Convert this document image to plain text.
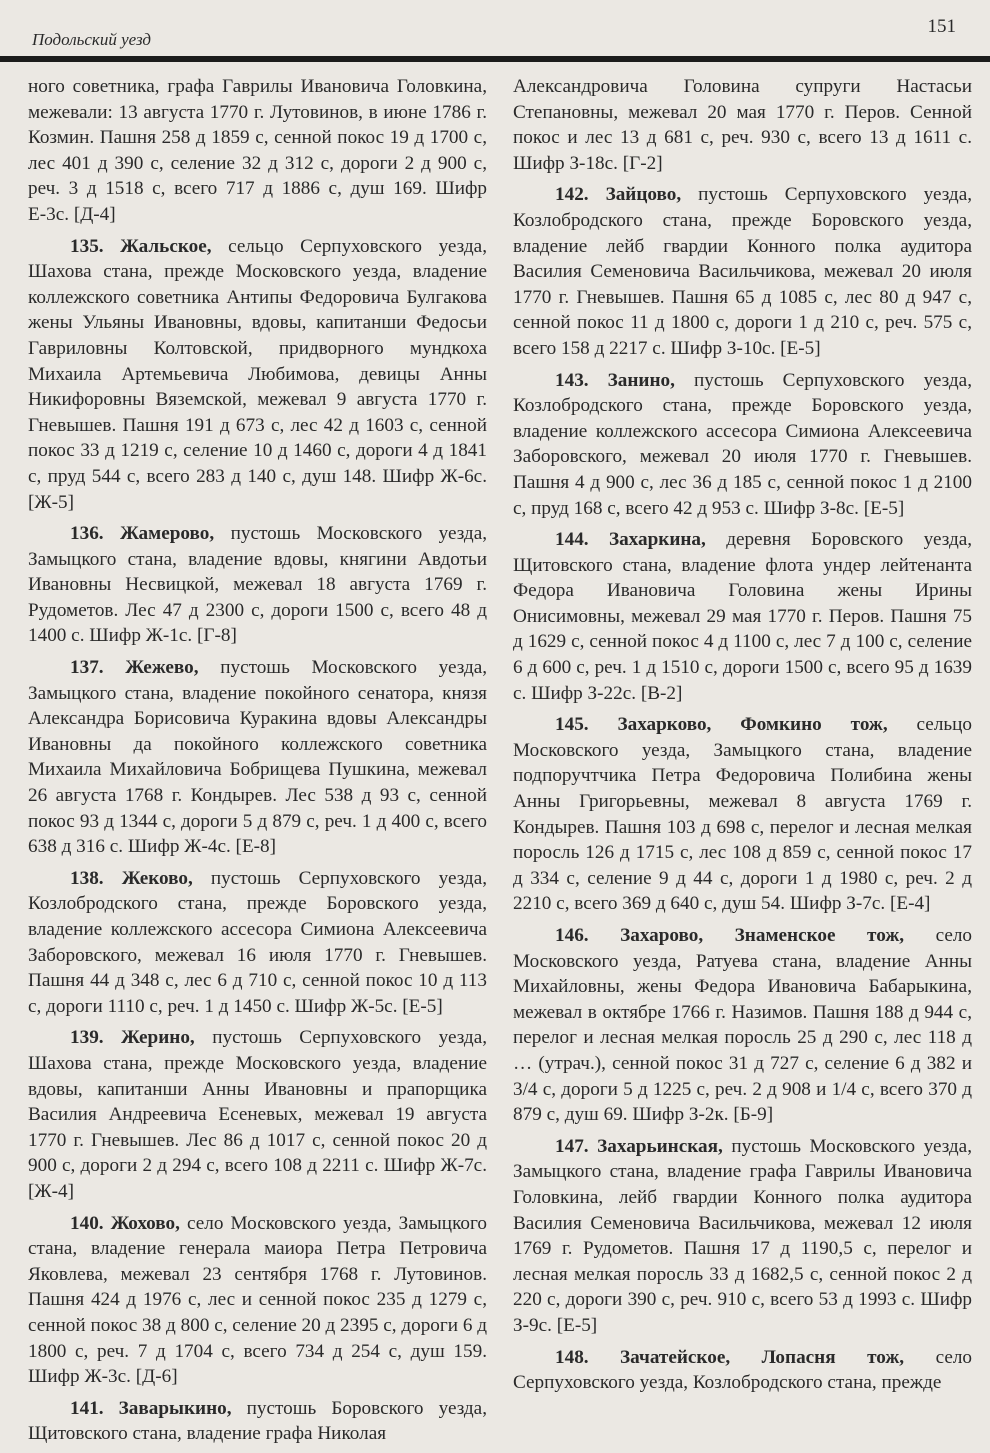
Подольский уезд
151

ного советника, графа Гаврилы Ивановича Головкина, межевали: 13 августа 1770 г. Лутовинов, в июне 1786 г. Козмин. Пашня 258 д 1859 с, сенной покос 19 д 1700 с, лес 401 д 390 с, селение 32 д 312 с, дороги 2 д 900 с, реч. 3 д 1518 с, всего 717 д 1886 с, душ 169. Шифр Е-3с. [Д-4]

135. Жальское, сельцо Серпуховского уезда, Шахова стана, прежде Московского уезда, владение коллежского советника Антипы Федоровича Булгакова жены Ульяны Ивановны, вдовы, капитанши Федосьи Гавриловны Колтовской, придворного мундкоха Михаила Артемьевича Любимова, девицы Анны Никифоровны Вяземской, межевал 9 августа 1770 г. Гневышев. Пашня 191 д 673 с, лес 42 д 1603 с, сенной покос 33 д 1219 с, селение 10 д 1460 с, дороги 4 д 1841 с, пруд 544 с, всего 283 д 140 с, душ 148. Шифр Ж-6с. [Ж-5]

136. Жамерово, пустошь Московского уезда, Замыцкого стана, владение вдовы, княгини Авдотьи Ивановны Несвицкой, межевал 18 августа 1769 г. Рудометов. Лес 47 д 2300 с, дороги 1500 с, всего 48 д 1400 с. Шифр Ж-1с. [Г-8]

137. Жежево, пустошь Московского уезда, Замыцкого стана, владение покойного сенатора, князя Александра Борисовича Куракина вдовы Александры Ивановны да покойного коллежского советника Михаила Михайловича Бобрищева Пушкина, межевал 26 августа 1768 г. Кондырев. Лес 538 д 93 с, сенной покос 93 д 1344 с, дороги 5 д 879 с, реч. 1 д 400 с, всего 638 д 316 с. Шифр Ж-4с. [Е-8]

138. Жеково, пустошь Серпуховского уезда, Козлобродского стана, прежде Боровского уезда, владение коллежского ассесора Симиона Алексеевича Заборовского, межевал 16 июля 1770 г. Гневышев. Пашня 44 д 348 с, лес 6 д 710 с, сенной покос 10 д 113 с, дороги 1110 с, реч. 1 д 1450 с. Шифр Ж-5с. [Е-5]

139. Жерино, пустошь Серпуховского уезда, Шахова стана, прежде Московского уезда, владение вдовы, капитанши Анны Ивановны и прапорщика Василия Андреевича Есеневых, межевал 19 августа 1770 г. Гневышев. Лес 86 д 1017 с, сенной покос 20 д 900 с, дороги 2 д 294 с, всего 108 д 2211 с. Шифр Ж-7с. [Ж-4]

140. Жохово, село Московского уезда, Замыцкого стана, владение генерала маиора Петра Петровича Яковлева, межевал 23 сентября 1768 г. Лутовинов. Пашня 424 д 1976 с, лес и сенной покос 235 д 1279 с, сенной покос 38 д 800 с, селение 20 д 2395 с, дороги 6 д 1800 с, реч. 7 д 1704 с, всего 734 д 254 с, душ 159. Шифр Ж-3с. [Д-6]

141. Заварыкино, пустошь Боровского уезда, Щитовского стана, владение графа Николая

Александровича Головина супруги Настасьи Степановны, межевал 20 мая 1770 г. Перов. Сенной покос и лес 13 д 681 с, реч. 930 с, всего 13 д 1611 с. Шифр З-18с. [Г-2]

142. Зайцово, пустошь Серпуховского уезда, Козлобродского стана, прежде Боровского уезда, владение лейб гвардии Конного полка аудитора Василия Семеновича Васильчикова, межевал 20 июля 1770 г. Гневышев. Пашня 65 д 1085 с, лес 80 д 947 с, сенной покос 11 д 1800 с, дороги 1 д 210 с, реч. 575 с, всего 158 д 2217 с. Шифр З-10с. [Е-5]

143. Занино, пустошь Серпуховского уезда, Козлобродского стана, прежде Боровского уезда, владение коллежского ассесора Симиона Алексеевича Заборовского, межевал 20 июля 1770 г. Гневышев. Пашня 4 д 900 с, лес 36 д 185 с, сенной покос 1 д 2100 с, пруд 168 с, всего 42 д 953 с. Шифр З-8с. [Е-5]

144. Захаркина, деревня Боровского уезда, Щитовского стана, владение флота ундер лейтенанта Федора Ивановича Головина жены Ирины Онисимовны, межевал 29 мая 1770 г. Перов. Пашня 75 д 1629 с, сенной покос 4 д 1100 с, лес 7 д 100 с, селение 6 д 600 с, реч. 1 д 1510 с, дороги 1500 с, всего 95 д 1639 с. Шифр З-22с. [В-2]

145. Захарково, Фомкино тож, сельцо Московского уезда, Замыцкого стана, владение подпоручтчика Петра Федоровича Полибина жены Анны Григорьевны, межевал 8 августа 1769 г. Кондырев. Пашня 103 д 698 с, перелог и лесная мелкая поросль 126 д 1715 с, лес 108 д 859 с, сенной покос 17 д 334 с, селение 9 д 44 с, дороги 1 д 1980 с, реч. 2 д 2210 с, всего 369 д 640 с, душ 54. Шифр З-7с. [Е-4]

146. Захарово, Знаменское тож, село Московского уезда, Ратуева стана, владение Анны Михайловны, жены Федора Ивановича Бабарыкина, межевал в октябре 1766 г. Назимов. Пашня 188 д 944 с, перелог и лесная мелкая поросль 25 д 290 с, лес 118 д … (утрач.), сенной покос 31 д 727 с, селение 6 д 382 и 3/4 с, дороги 5 д 1225 с, реч. 2 д 908 и 1/4 с, всего 370 д 879 с, душ 69. Шифр З-2к. [Б-9]

147. Захарьинская, пустошь Московского уезда, Замыцкого стана, владение графа Гаврилы Ивановича Головкина, лейб гвардии Конного полка аудитора Василия Семеновича Васильчикова, межевал 12 июля 1769 г. Рудометов. Пашня 17 д 1190,5 с, перелог и лесная мелкая поросль 33 д 1682,5 с, сенной покос 2 д 220 с, дороги 390 с, реч. 910 с, всего 53 д 1993 с. Шифр З-9с. [Е-5]

148. Зачатейское, Лопасня тож, село Серпуховского уезда, Козлобродского стана, прежде
